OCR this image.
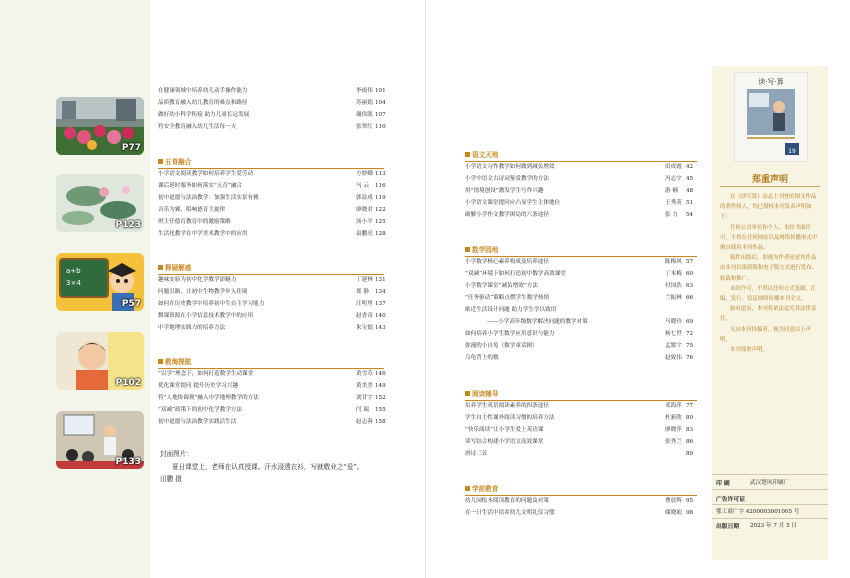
P77
P123
a+b
3×4
P57
P102
P133
在健康领域中培养幼儿动手操作能力	李雨伟 101
品质教育融入幼儿教育的难点和路径	苏丽娟 104
做好幼小科学衔接 助力儿童长远发展	谢伟凯 107
将安全教育融入幼儿生活每一天	张翠红 110
五育融合
小学语文阅读教学如何培养学生爱劳动	方妙卿 113
课后延时服务如何落实“五育”融合	马 云 116
初中道德与法治教学：加强生活实景有雅	郭益成 119
音乐为翼，唱响德育主旋律	廖晓君 122
班主任德育教育中的激励策略	汤小平 125
生活化教学在中学美术教学中的应用	袁鹏亮 128
释疑解惑
趣味实验为初中化学教学添魅力	丁建林 131
问题引路，让初中生物教学步入佳境	郑 静 134
如何在历史教学中培养初中生自主学习能力	汪明里 137
微课资源在小学信息技术教学中的应用	赵香奇 140
中学地理实践力的培养方法	朱宝娟 143
教海探航
“以学”理念下，如何打造数学生动课堂	黄雪芬 146
优化课堂提问 提升历史学习兴趣	黄美美 149
将“人地协调观”融入中学地理教学的方法	刘甘宇 152
“双减”政策下的初中化学教学方法	闫 瑞 155
初中道德与法治教学实践活生活	赵志蓉 158
封面图片：
夏日课堂上，老师在认真授课。汗水浸透衣衫，写就敬业之“爱”。
田鹏 摄
语文天地
小学语文习作教学如何做到减负增效	田成霞 42
小学中语文古诗词鉴赏教学的方法	冯志宇 45
用“情境创设”激发学生写作兴趣	游 楠 48
小学语文课堂提问应凸显学生主体地位	王秀英 51
破解小学作文教学困局的六条途径	张 力 54
数学园地
小学数学核心素养构成及培养途径	陈梅风 57
“双减”环境下如何打造初中数学高效课堂	丁本梅 60
小学数学课堂“减负增效”方法	付国浩 63
“任务驱动”策略点燃学生数学热情	兰振林 66
贴近生活设计问题 助力学生学以致用
——小学高年级数学解决问题的教学对策	马晓玲 69
如何培养小学生数学应用意识与能力	杨七世 72
弥漫的小自免（数学童话剧）	孟繁宇 75
乌龟背上的数	赵致伟 76
阅读辅导
培养学生英语阅读素养的四条途径	邓海萍 77
学生自主性课外阅读习惯的培养方法	杜新欣 80
“快乐阅读”让小学生爱上英语课	廖晓萍 83
读写结合构建小学语文高效课堂	张秀兰 86
唐诗三首	89
学前教育
幼儿园绘本阅读教育的问题及对策	曹晨辉 95
在一日生活中培养幼儿文明礼仪习惯	储晓娟 98
读·写·算
19
郑重声明

在《读写算》杂志上刊登的图文作品的著作权人，均已授权本刊发表声明如下：

任何公司单位和个人，未经书面许可，不得在任何网站以及网络传播形式中擅自使用本刊作品。

稿件出版后，即视为作者同意其作品由本刊以纸质版和电子版方式进行发布、转载和推广。

未经许可，不得以任何方式复制、汇编、发行、信息网络传播本刊全文。

如有违反，本刊将依法追究其法律责任。

凡向本刊投稿者，视为同意以上声明。

本刊郑重声明。

印 刷	武汉楚风印刷厂
广告许可证
鄂工商广字 4200003001005 号
出版日期 2023 年 7 月 5 日
